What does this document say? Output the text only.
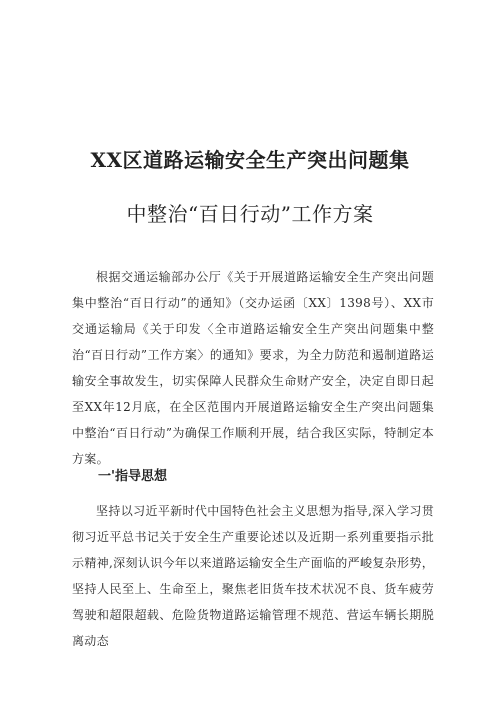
XX区道路运输安全生产突出问题集
中整治“百日行动”工作方案

根据交通运输部办公厅《关于开展道路运输安全生产突出问题集中整治“百日行动”的通知》（交办运函〔XX〕1398号）、XX市交通运输局《关于印发〈全市道路运输安全生产突出问题集中整治“百日行动”工作方案〉的通知》要求，为全力防范和遏制道路运输安全事故发生，切实保障人民群众生命财产安全，决定自即日起至XX年12月底，在全区范围内开展道路运输安全生产突出问题集中整治“百日行动”为确保工作顺利开展，结合我区实际，特制定本方案。

一'指导思想

坚持以习近平新时代中国特色社会主义思想为指导,深入学习贯彻习近平总书记关于安全生产重要论述以及近期一系列重要指示批示精神,深刻认识今年以来道路运输安全生产面临的严峻复杂形势，坚持人民至上、生命至上，聚焦老旧货车技术状况不良、货车疲劳驾驶和超限超载、危险货物道路运输管理不规范、营运车辆长期脱离动态
